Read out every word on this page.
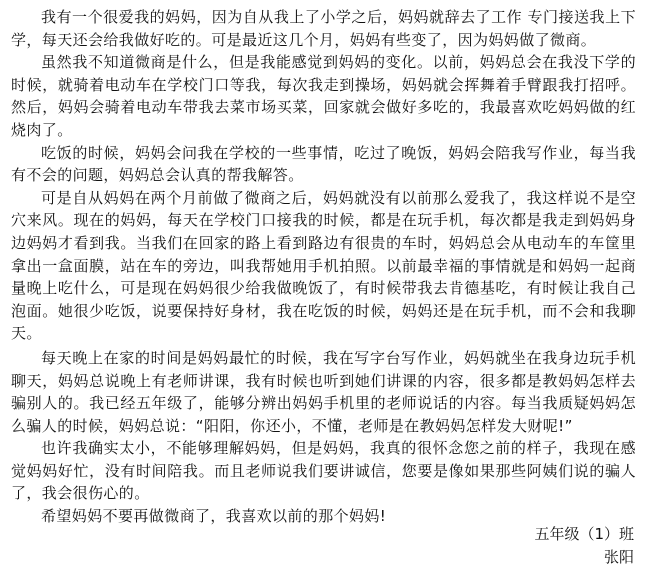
我有一个很爱我的妈妈，因为自从我上了小学之后，妈妈就辞去了工作 专门接送我上下学，每天还会给我做好吃的。可是最近这几个月，妈妈有些变了，因为妈妈做了微商。

虽然我不知道微商是什么，但是我能感觉到妈妈的变化。以前，妈妈总会在我没下学的时候，就骑着电动车在学校门口等我，每次我走到操场，妈妈就会挥舞着手臂跟我打招呼。然后，妈妈会骑着电动车带我去菜市场买菜，回家就会做好多吃的，我最喜欢吃妈妈做的红烧肉了。

吃饭的时候，妈妈会问我在学校的一些事情，吃过了晚饭，妈妈会陪我写作业，每当我有不会的问题，妈妈总会认真的帮我解答。

可是自从妈妈在两个月前做了微商之后，妈妈就没有以前那么爱我了，我这样说不是空穴来风。现在的妈妈，每天在学校门口接我的时候，都是在玩手机，每次都是我走到妈妈身边妈妈才看到我。当我们在回家的路上看到路边有很贵的车时，妈妈总会从电动车的车筐里拿出一盒面膜，站在车的旁边，叫我帮她用手机拍照。以前最幸福的事情就是和妈妈一起商量晚上吃什么，可是现在妈妈很少给我做晚饭了，有时候带我去肯德基吃，有时候让我自己泡面。她很少吃饭，说要保持好身材，我在吃饭的时候，妈妈还是在玩手机，而不会和我聊天。

每天晚上在家的时间是妈妈最忙的时候，我在写字台写作业，妈妈就坐在我身边玩手机聊天，妈妈总说晚上有老师讲课，我有时候也听到她们讲课的内容，很多都是教妈妈怎样去骗别人的。我已经五年级了，能够分辨出妈妈手机里的老师说话的内容。每当我质疑妈妈怎么骗人的时候，妈妈总说：“阳阳，你还小，不懂，老师是在教妈妈怎样发大财呢!”

也许我确实太小，不能够理解妈妈，但是妈妈，我真的很怀念您之前的样子，我现在感觉妈妈好忙，没有时间陪我。而且老师说我们要讲诚信，您要是像如果那些阿姨们说的骗人了，我会很伤心的。

希望妈妈不要再做微商了，我喜欢以前的那个妈妈!

五年级（1）班

张阳
